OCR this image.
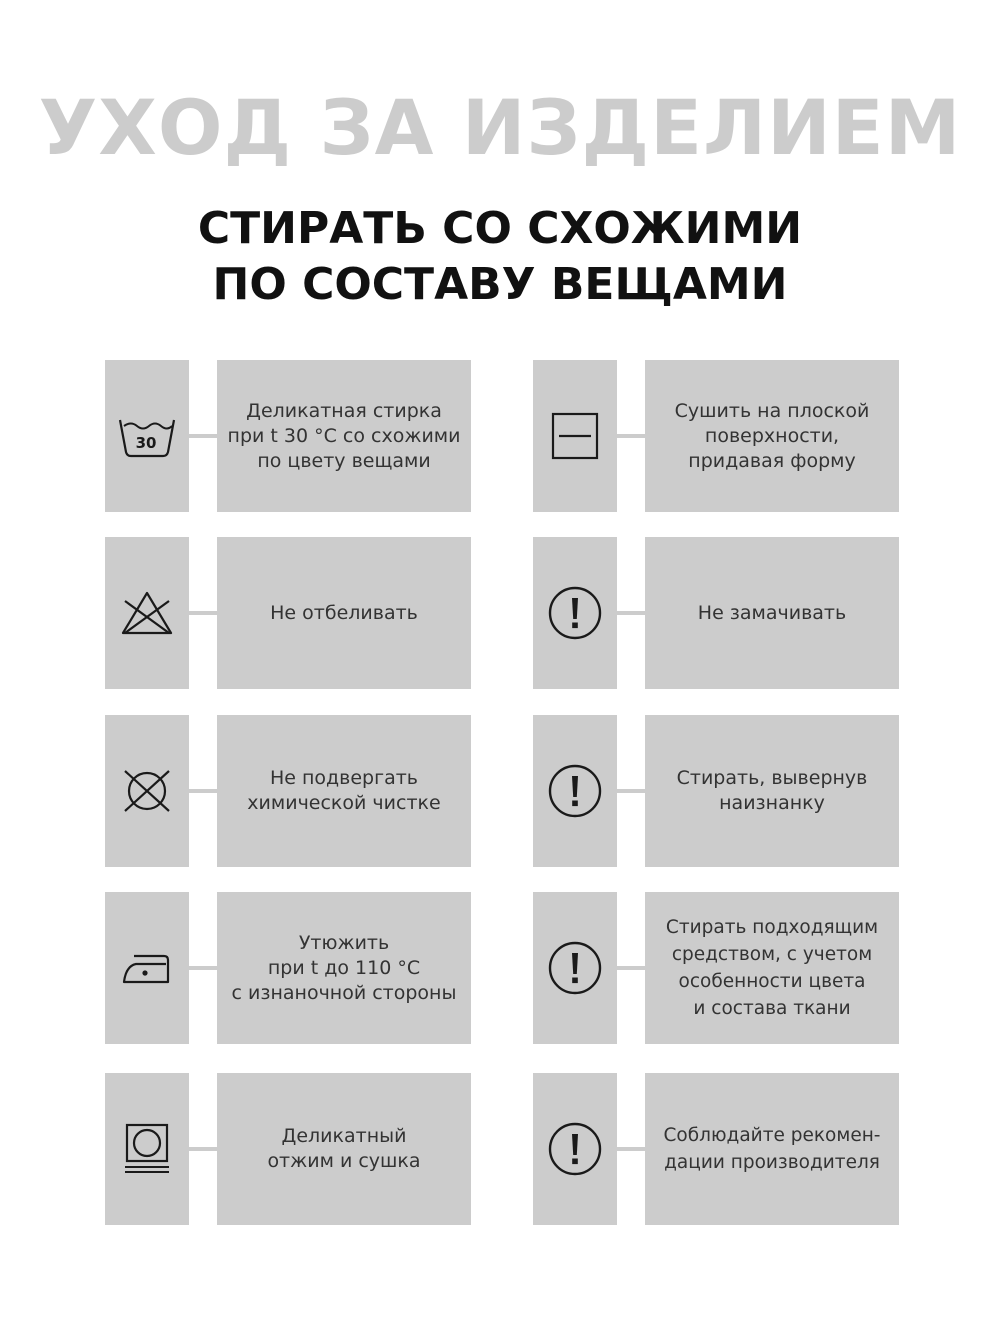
УХОД ЗА ИЗДЕЛИЕМ
СТИРАТЬ СО СХОЖИМИ
ПО СОСТАВУ ВЕЩАМИ
30
Деликатная стирка
при t 30 °С со схожими
по цвету вещами
Не отбеливать
Не подвергать
химической чистке
Утюжить
при t до 110 °С
с изнаночной стороны
Деликатный
отжим и сушка
Сушить на плоской
поверхности,
придавая форму
Не замачивать
Стирать, вывернув
наизнанку
Стирать подходящим
средством, с учетом
особенности цвета
и состава ткани
Соблюдайте рекомен-
дации производителя
